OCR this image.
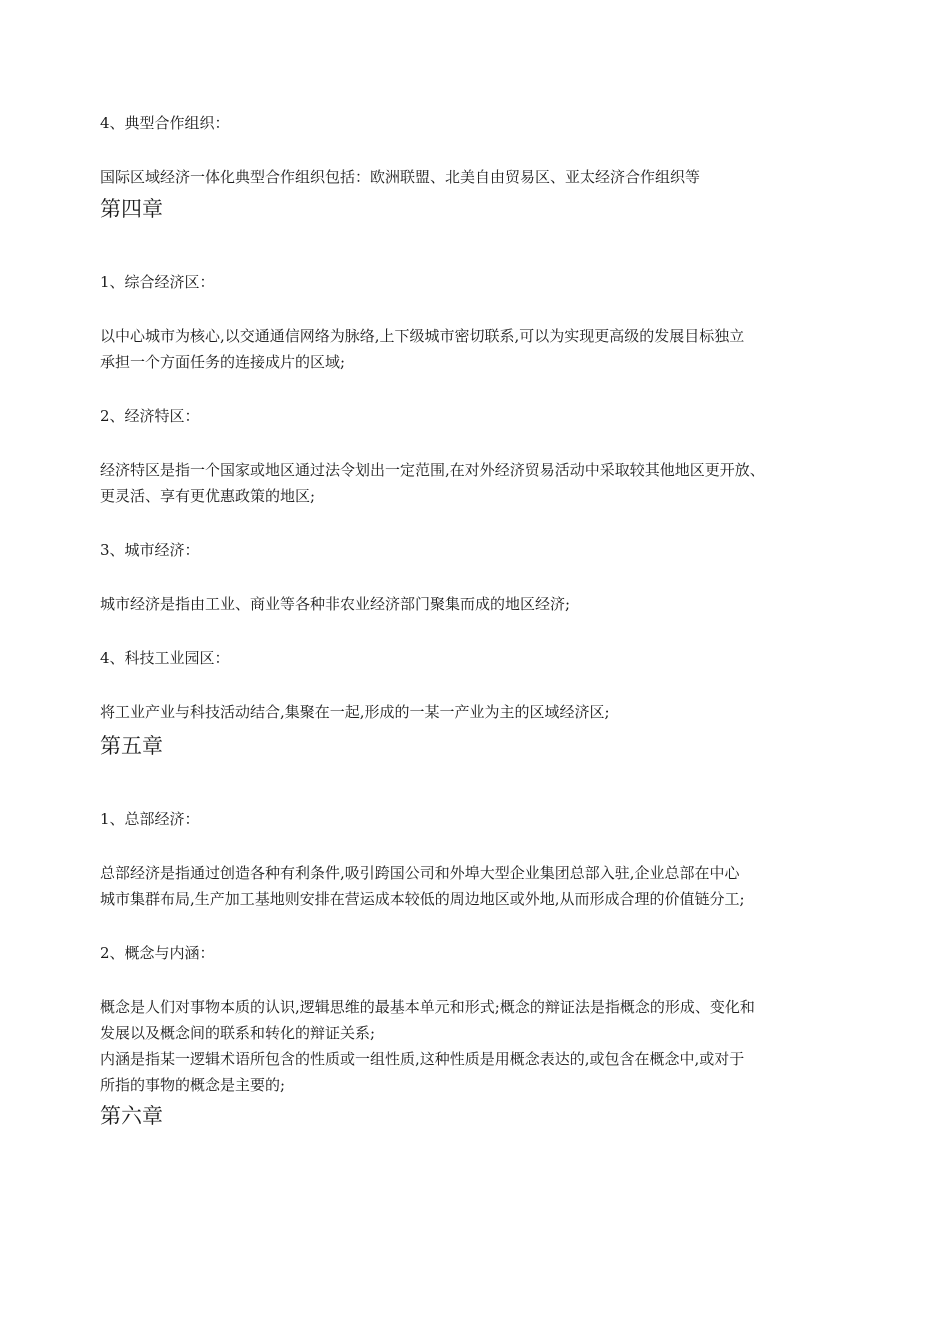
4、典型合作组织：
国际区域经济一体化典型合作组织包括：欧洲联盟、北美自由贸易区、亚太经济合作组织等
第四章
1、综合经济区：
以中心城市为核心,以交通通信网络为脉络,上下级城市密切联系,可以为实现更高级的发展目标独立
承担一个方面任务的连接成片的区域;
2、经济特区：
经济特区是指一个国家或地区通过法令划出一定范围,在对外经济贸易活动中采取较其他地区更开放、
更灵活、享有更优惠政策的地区;
3、城市经济：
城市经济是指由工业、商业等各种非农业经济部门聚集而成的地区经济;
4、科技工业园区：
将工业产业与科技活动结合,集聚在一起,形成的一某一产业为主的区域经济区;
第五章
1、总部经济：
总部经济是指通过创造各种有利条件,吸引跨国公司和外埠大型企业集团总部入驻,企业总部在中心
城市集群布局,生产加工基地则安排在营运成本较低的周边地区或外地,从而形成合理的价值链分工;
2、概念与内涵：
概念是人们对事物本质的认识,逻辑思维的最基本单元和形式;概念的辩证法是指概念的形成、变化和
发展以及概念间的联系和转化的辩证关系;
内涵是指某一逻辑术语所包含的性质或一组性质,这种性质是用概念表达的,或包含在概念中,或对于
所指的事物的概念是主要的;
第六章
